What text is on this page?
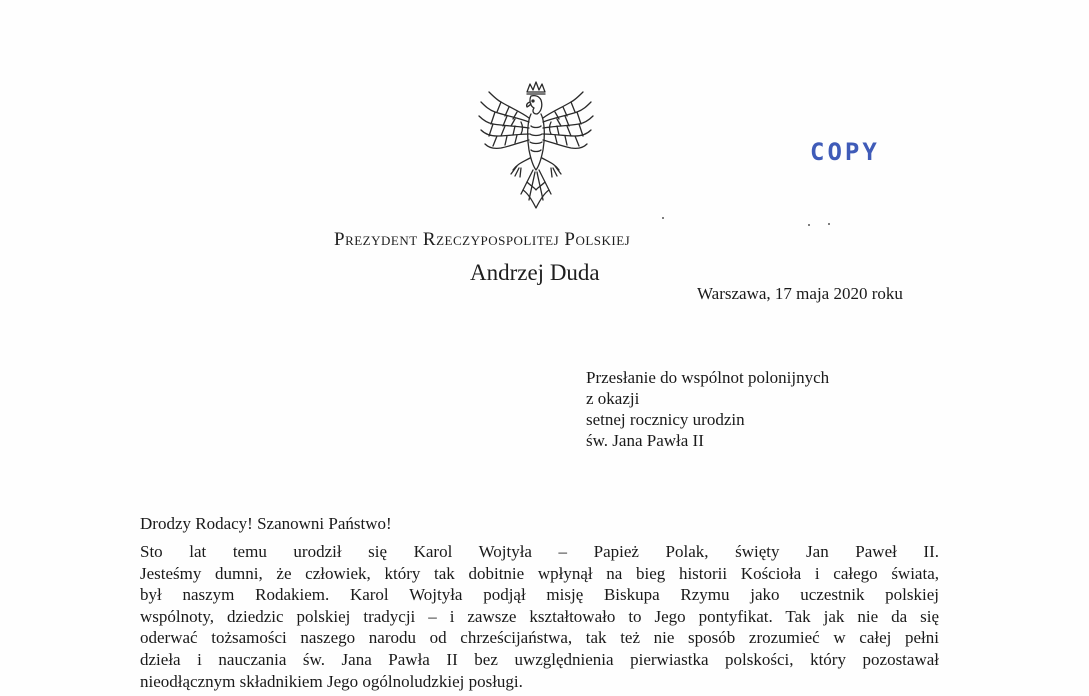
COPY
Prezydent Rzeczypospolitej Polskiej
Andrzej Duda
Warszawa, 17 maja 2020 roku
Przesłanie do wspólnot polonijnych
z okazji
setnej rocznicy urodzin
św. Jana Pawła II
Drodzy Rodacy! Szanowni Państwo!
Sto lat temu urodził się Karol Wojtyła – Papież Polak, święty Jan Paweł II.
Jesteśmy dumni, że człowiek, który tak dobitnie wpłynął na bieg historii Kościoła i całego świata,
był naszym Rodakiem. Karol Wojtyła podjął misję Biskupa Rzymu jako uczestnik polskiej
wspólnoty, dziedzic polskiej tradycji – i zawsze kształtowało to Jego pontyfikat. Tak jak nie da się
oderwać tożsamości naszego narodu od chrześcijaństwa, tak też nie sposób zrozumieć w całej pełni
dzieła i nauczania św. Jana Pawła II bez uwzględnienia pierwiastka polskości, który pozostawał
nieodłącznym składnikiem Jego ogólnoludzkiej posługi.
